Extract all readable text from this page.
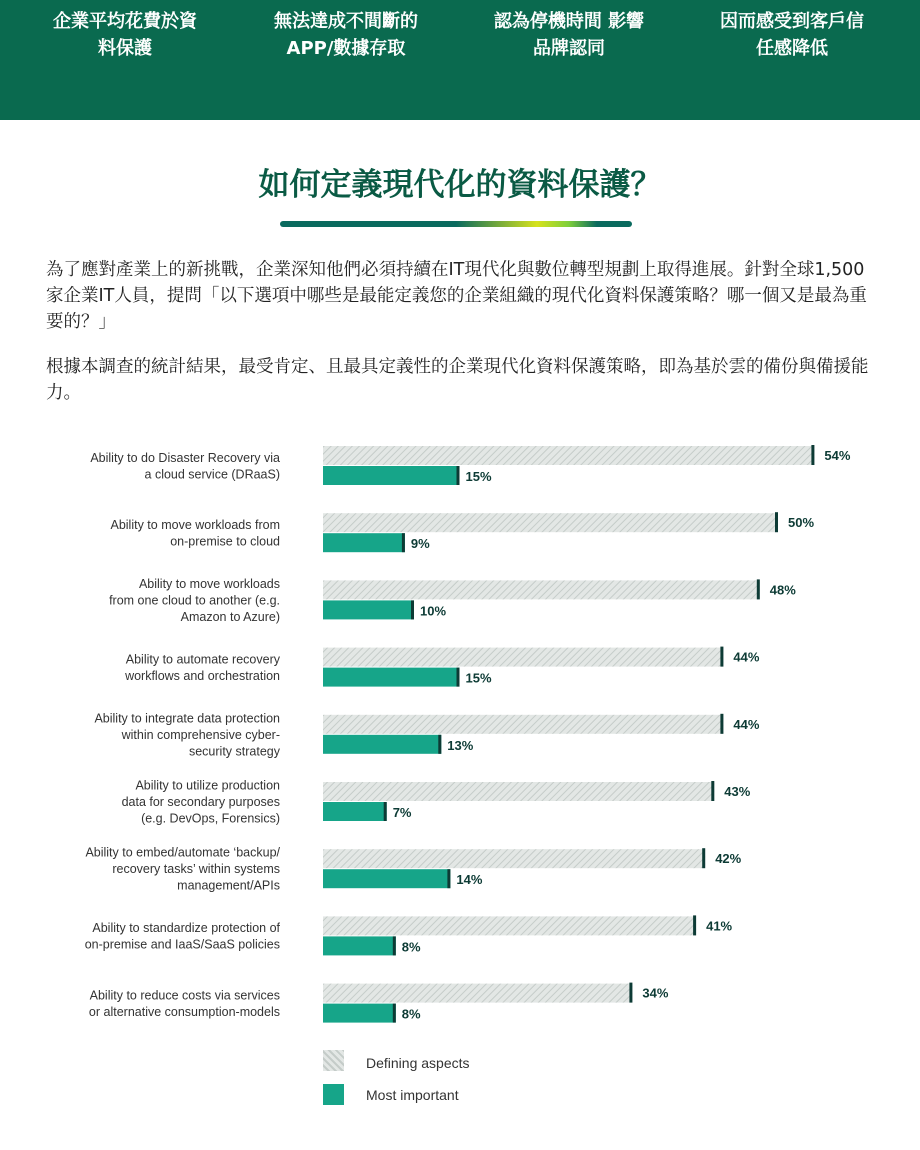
企業平均花費於資
料保護
無法達成不間斷的
APP/數據存取
認為停機時間 影響
品牌認同
因而感受到客戶信
任感降低
如何定義現代化的資料保護？
為了應對產業上的新挑戰，企業深知他們必須持續在IT現代化與數位轉型規劃上取得進展。針對全球1,500家企業IT人員，提問「以下選項中哪些是最能定義您的企業組織的現代化資料保護策略？哪一個又是最為重要的？」
根據本調查的統計結果，最受肯定、且最具定義性的企業現代化資料保護策略，即為基於雲的備份與備援能力。
54%
15%
Ability to do Disaster Recovery via a cloud service (DRaaS)
50%
9%
Ability to move workloads from on-premise to cloud
48%
10%
Ability to move workloads from one cloud to another (e.g. Amazon to Azure)
44%
15%
Ability to automate recovery workflows and orchestration
44%
13%
Ability to integrate data protection within comprehensive cyber-security strategy
43%
7%
Ability to utilize production data for secondary purposes (e.g. DevOps, Forensics)
42%
14%
Ability to embed/automate ‘backup/ recovery tasks’ within systems management/APIs
41%
8%
Ability to standardize protection of on-premise and IaaS/SaaS policies
34%
8%
Ability to reduce costs via services or alternative consumption-models
Defining aspects
Most important
